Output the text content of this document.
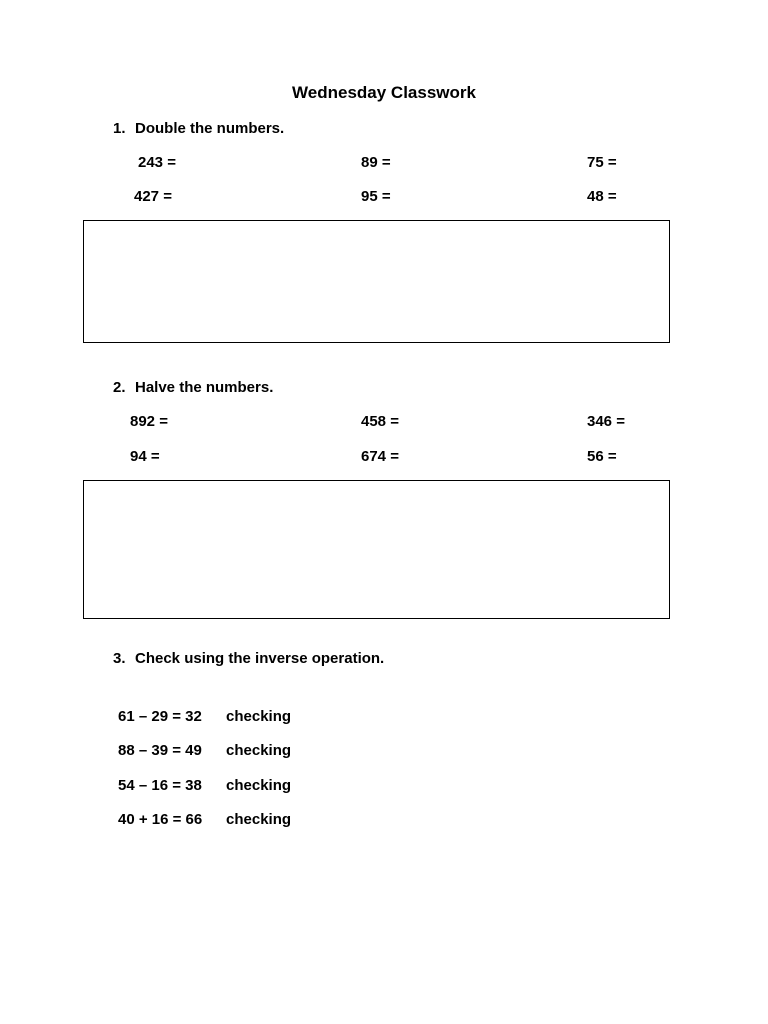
Wednesday Classwork
1. Double the numbers.
243 =	89 =	75 =
427 =	95 =	48 =
2. Halve the numbers.
892 =	458 =	346 =
94 =	674 =	56 =
3. Check using the inverse operation.
61 – 29 = 32 checking
88 – 39 = 49 checking
54 – 16 = 38 checking
40 + 16 = 66 checking
